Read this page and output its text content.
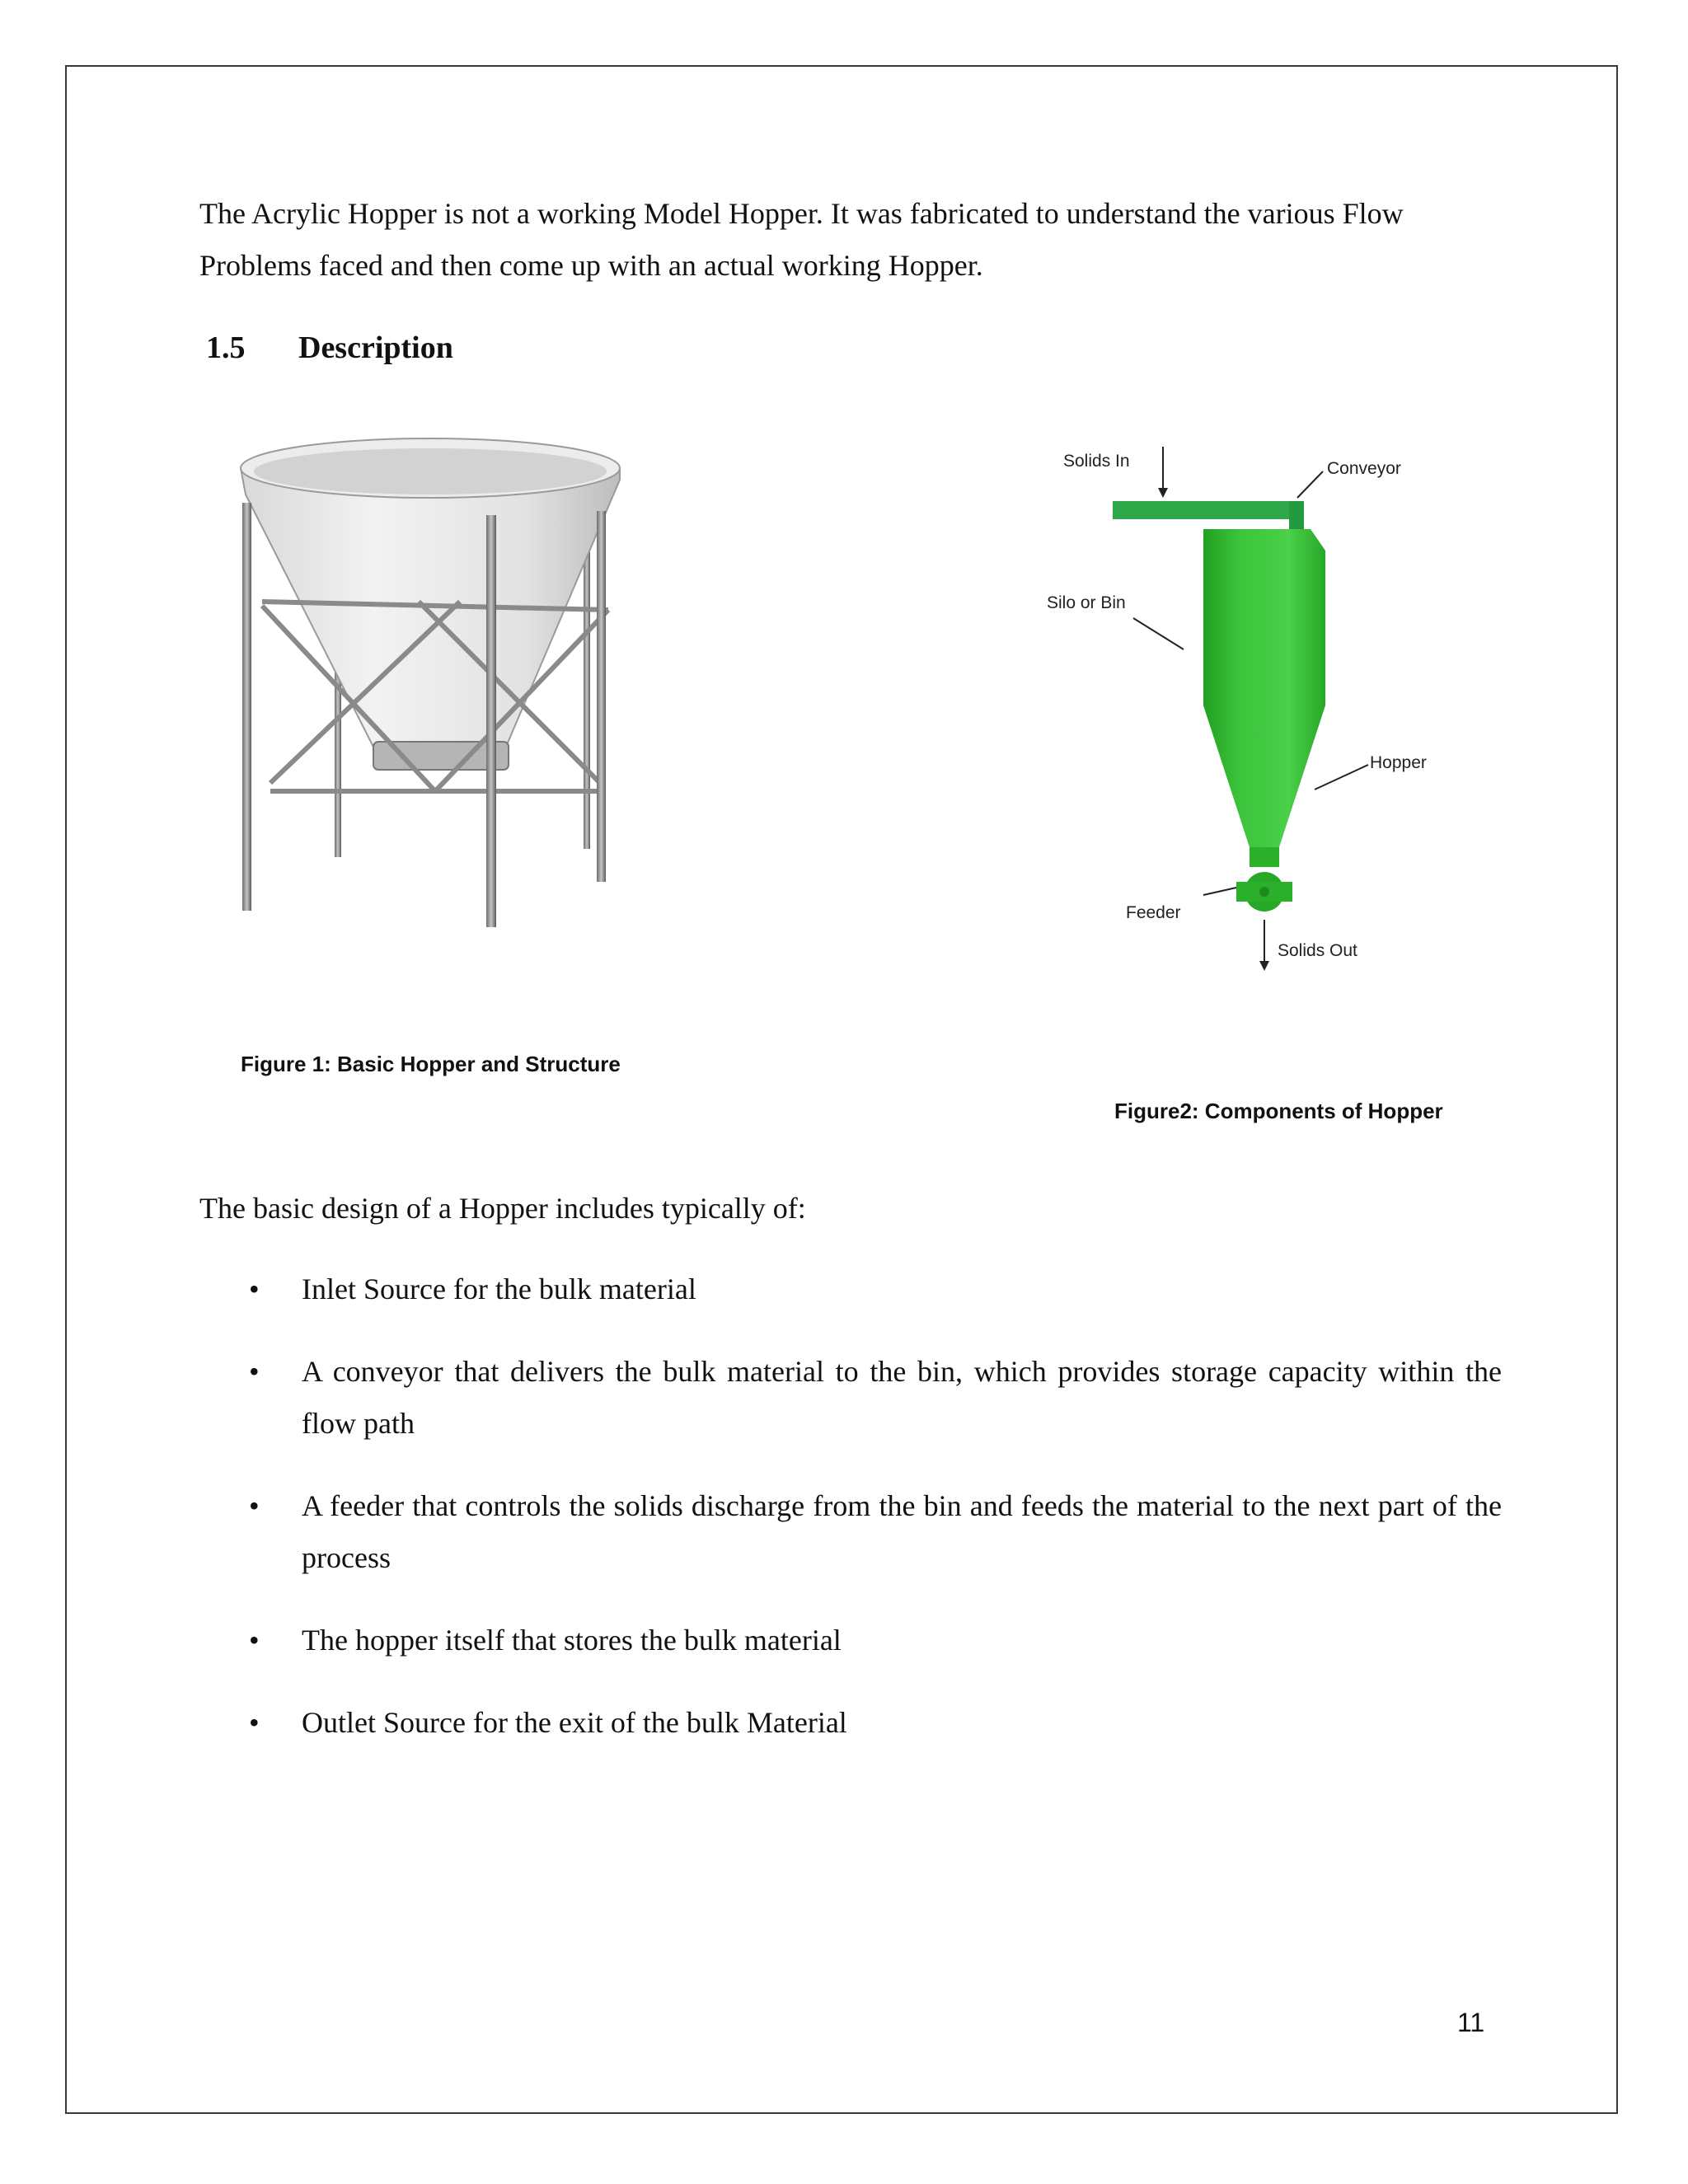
The Acrylic Hopper is not a working Model Hopper. It was fabricated to understand the various Flow Problems faced and then come up with an actual working Hopper.

1.5 Description
Solids In	Conveyor
Silo or Bin
Hopper
Feeder
Solids Out

Figure 1: Basic Hopper and Structure

Figure2: Components of Hopper

The basic design of a Hopper includes typically of:

• Inlet Source for the bulk material
• A conveyor that delivers the bulk material to the bin, which provides storage capacity within the flow path
• A feeder that controls the solids discharge from the bin and feeds the material to the next part of the process
• The hopper itself that stores the bulk material
• Outlet Source for the exit of the bulk Material

11
